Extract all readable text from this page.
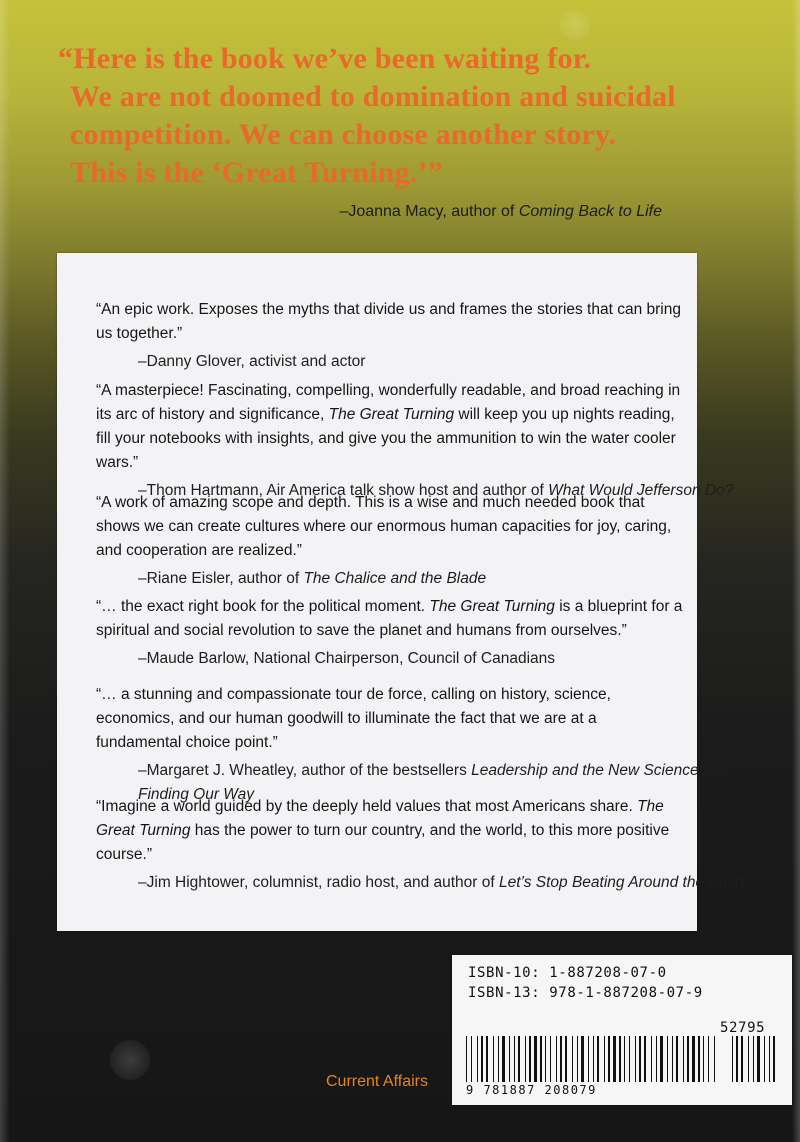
“Here is the book we’ve been waiting for.
We are not doomed to domination and suicidal
competition. We can choose another story.
This is the ‘Great Turning.’”
–Joanna Macy, author of Coming Back to Life
“An epic work. Exposes the myths that divide us and frames the stories that can bring us together.”
–Danny Glover, activist and actor
“A masterpiece! Fascinating, compelling, wonderfully readable, and broad reaching in its arc of history and significance, The Great Turning will keep you up nights reading, fill your notebooks with insights, and give you the ammunition to win the water cooler wars.”
–Thom Hartmann, Air America talk show host and author of What Would Jefferson Do?
“A work of amazing scope and depth. This is a wise and much needed book that shows we can create cultures where our enormous human capacities for joy, caring, and cooperation are realized.”
–Riane Eisler, author of The Chalice and the Blade
“… the exact right book for the political moment. The Great Turning is a blueprint for a spiritual and social revolution to save the planet and humans from ourselves.”
–Maude Barlow, National Chairperson, Council of Canadians
“… a stunning and compassionate tour de force, calling on history, science, economics, and our human goodwill to illuminate the fact that we are at a fundamental choice point.”
–Margaret J. Wheatley, author of the bestsellers Leadership and the New Science and
Finding Our Way
“Imagine a world guided by the deeply held values that most Americans share. The Great Turning has the power to turn our country, and the world, to this more positive course.”
–Jim Hightower, columnist, radio host, and author of Let’s Stop Beating Around the Bush
ISBN-10: 1-887208-07-0
ISBN-13: 978-1-887208-07-9
52795
9 781887 208079
Current Affairs
